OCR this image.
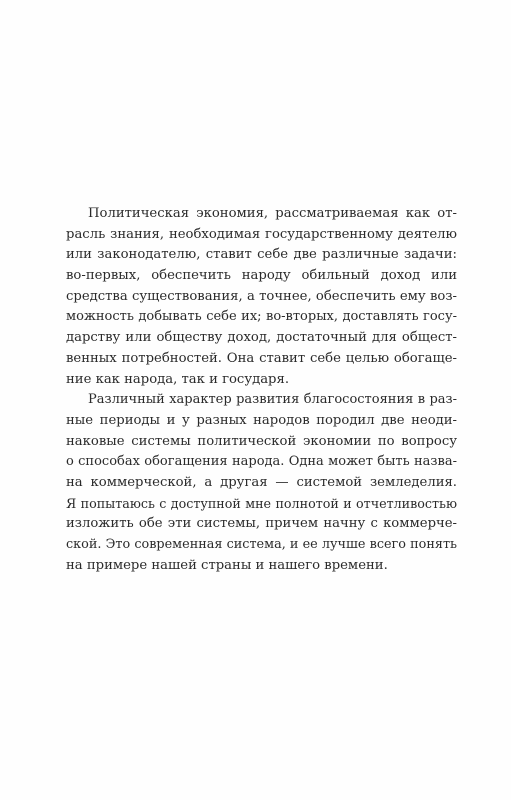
Политическая экономия, рассматриваемая как от-
расль знания, необходимая государственному деятелю
или законодателю, ставит себе две различные задачи:
во-первых, обеспечить народу обильный доход или
средства существования, а точнее, обеспечить ему воз-
можность добывать себе их; во-вторых, доставлять госу-
дарству или обществу доход, достаточный для общест-
венных потребностей. Она ставит себе целью обогаще-
ние как народа, так и государя.
Различный характер развития благосостояния в раз-
ные периоды и у разных народов породил две неоди-
наковые системы политической экономии по вопросу
о способах обогащения народа. Одна может быть назва-
на коммерческой, а другая — системой земледелия.
Я попытаюсь с доступной мне полнотой и отчетливостью
изложить обе эти системы, причем начну с коммерче-
ской. Это современная система, и ее лучше всего понять
на примере нашей страны и нашего времени.
